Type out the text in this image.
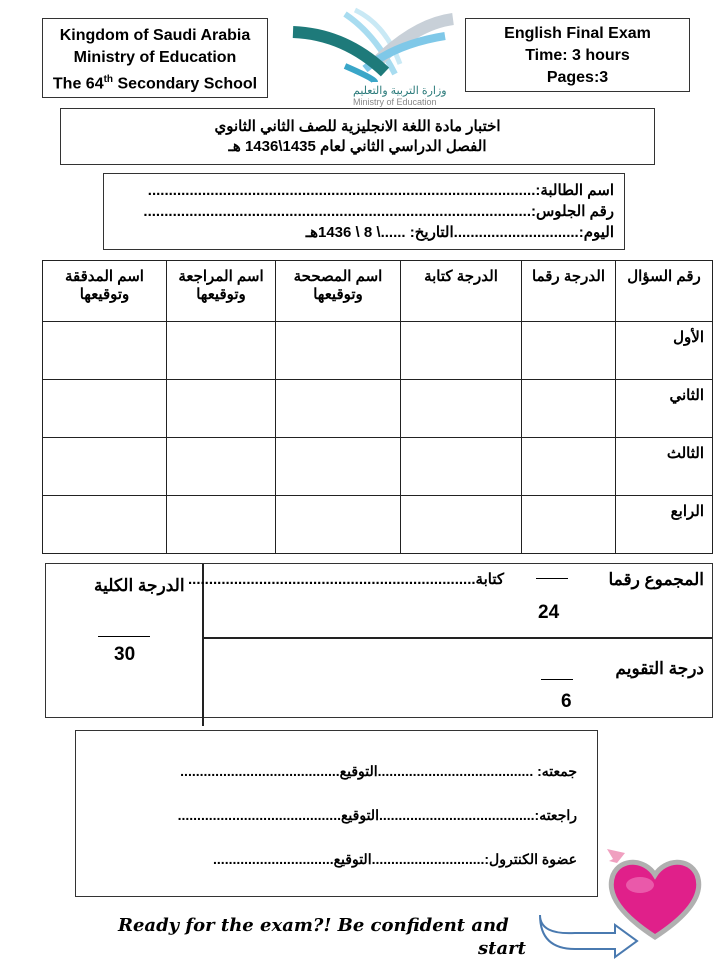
Kingdom of Saudi Arabia
Ministry of Education
The 64th Secondary School	وزارة التربية والتعليم
Ministry of Education
English Final Exam
Time: 3 hours
Pages:3
اختبار مادة اللغة الانجليزية للصف الثاني الثانوي
الفصل الدراسي الثاني لعام 1435\1436 هـ
اسم الطالبة:.............................................................................................
رقم الجلوس:.............................................................................................
اليوم:..............................التاريخ: ......\ 8 \ 1436هـ
رقم السؤال	الدرجة رقما	الدرجة كتابة	اسم المصححة وتوقيعها	اسم المراجعة وتوقيعها	اسم المدققة وتوقيعها
الأول					
الثاني					
الثالث					
الرابع					
المجموع رقما
كتابة.....................................................................
24
درجة التقويم
6
الدرجة الكلية
30
جمعته: ........................................التوقيع.........................................
راجعته:........................................التوقيع..........................................
عضوة الكنترول:.............................التوقيع...............................
Ready for the exam?! Be confident and
start
